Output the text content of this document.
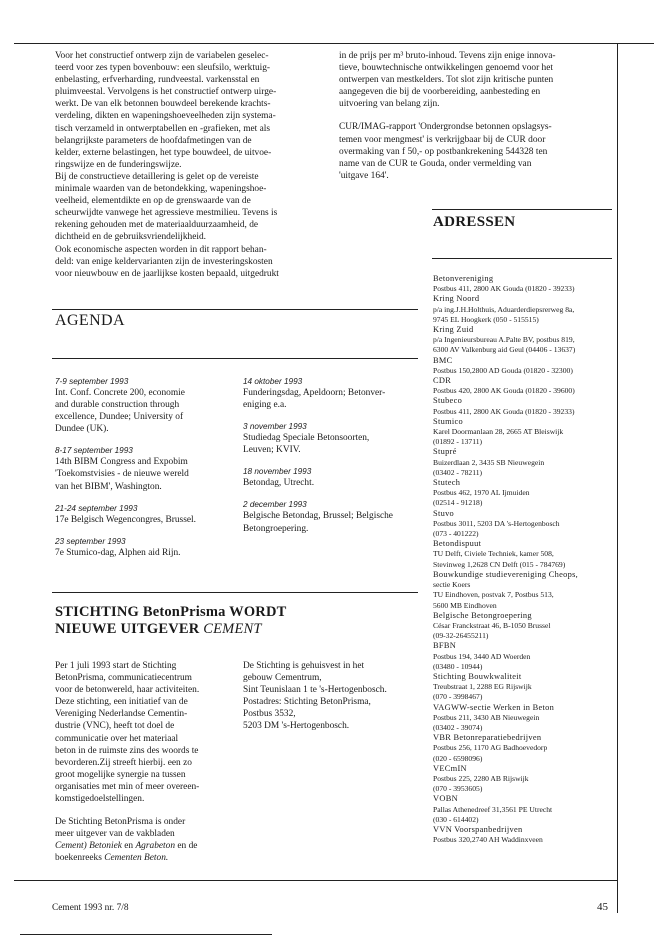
Voor het constructief ontwerp zijn de variabelen geselec-
teerd voor zes typen bovenbouw: een sleufsilo, werktuig-
enbelasting, erfverharding, rundveestal. varkensstal en
pluimveestal. Vervolgens is het constructief ontwerp uirge-
werkt. De van elk betonnen bouwdeel berekende krachts-
verdeling, dikten en wapeningshoeveelheden zijn systema-
tisch verzameld in ontwerptabellen en -grafieken, met als
belangrijkste parameters de hoofdafmetingen van de
kelder, externe belastingen, het type bouwdeel, de uitvoe-
ringswijze en de funderingswijze.
Bij de constructieve detaillering is gelet op de vereiste
minimale waarden van de betondekking, wapeningshoe-
veelheid, elementdikte en op de grenswaarde van de
scheurwijdte vanwege het agressieve mestmilieu. Tevens is
rekening gehouden met de materiaalduurzaamheid, de
dichtheid en de gebruiksvriendelijkheid.
Ook economische aspecten worden in dit rapport behan-
deld: van enige keldervarianten zijn de investeringskosten
voor nieuwbouw en de jaarlijkse kosten bepaald, uitgedrukt
in de prijs per m³ bruto-inhoud. Tevens zijn enige innova-
tieve, bouwtechnische ontwikkelingen genoemd voor het
ontwerpen van mestkelders. Tot slot zijn kritische punten
aangegeven die bij de voorbereiding, aanbesteding en
uitvoering van belang zijn.
CUR/IMAG-rapport 'Ondergrondse betonnen opslagsys-
temen voor mengmest' is verkrijgbaar bij de CUR door
overmaking van f 50,- op postbankrekening 544328 ten
name van de CUR te Gouda, onder vermelding van
'uitgave 164'.
ADRESSEN
Betonvereniging
Postbus 411, 2800 AK Gouda (01820 - 39233)
Kring Noord
p/a ing.J.H.Holthuis, Aduarderdiepsrerweg 8a,
9745 EL Hoogkerk (050 - 515515)
Kring Zuid
p/a Ingenieursbureau A.Palte BV, postbus 819,
6300 AV Valkenburg aid Geul (04406 - 13637)
BMC
Postbus 150,2800 AD Gouda (01820 - 32300)
CDR
Postbus 420, 2800 AK Gouda (01820 - 39600)
Stubeco
Postbus 411, 2800 AK Gouda (01820 - 39233)
Stumico
Karel Doormanlaan 28, 2665 AT Bleiswijk
(01892 - 13711)
Stupré
Buizerdlaan 2, 3435 SB Nieuwegein
(03402 - 78211)
Stutech
Postbus 462, 1970 AL Ijmuiden
(02514 - 91218)
Stuvo
Postbus 3011, 5203 DA 's-Hertogenbosch
(073 - 401222)
Betondispuut
TU Delft, Civiele Techniek, kamer 508,
Stevinweg 1,2628 CN Delft (015 - 784769)
Bouwkundige studievereniging Cheops,
sectie Koers
TU Eindhoven, postvak 7, Postbus 513,
5600 MB Eindhoven
Belgische Betongroepering
César Franckstraat 46, B-1050 Brussel
(09-32-26455211)
BFBN
Postbus 194, 3440 AD Woerden
(03480 - 10944)
Stichting Bouwkwaliteit
Treubstraat 1, 2288 EG Rijswijk
(070 - 3998467)
VAGWW-sectie Werken in Beton
Postbus 211, 3430 AB Nieuwegein
(03402 - 39074)
VBR Betonreparatiebedrijven
Postbus 256, 1170 AG Badhoevedorp
(020 - 6598096)
VECmIN
Postbus 225, 2280 AB Rijswijk
(070 - 3953605)
VOBN
Pallas Athenedreef 31,3561 PE Utrecht
(030 - 614402)
VVN Voorspanbedrijven
Postbus 320,2740 AH Waddinxveen
AGENDA
7-9 september 1993
Int. Conf. Concrete 200, economie
and durable construction through
excellence, Dundee; University of
Dundee (UK).
8-17 september 1993
14th BIBM Congress and Expobim
'Toekomstvisies - de nieuwe wereld
van het BIBM', Washington.
21-24 september 1993
17e Belgisch Wegencongres, Brussel.
23 september 1993
7e Stumico-dag, Alphen aid Rijn.
14 oktober 1993
Funderingsdag, Apeldoorn; Betonver-
eniging e.a.
3 november 1993
Studiedag Speciale Betonsoorten,
Leuven; KVIV.
18 november 1993
Betondag, Utrecht.
2 december 1993
Belgische Betondag, Brussel; Belgische
Betongroepering.
STICHTING BetonPrisma WORDT
NIEUWE UITGEVER CEMENT
Per 1 juli 1993 start de Stichting
BetonPrisma, communicatiecentrum
voor de betonwereld, haar activiteiten.
Deze stichting, een initiatief van de
Vereniging Nederlandse Cementin-
dustrie (VNC), heeft tot doel de
communicatie over het materiaal
beton in de ruimste zins des woords te
bevorderen.Zij streeft hierbij. een zo
groot mogelijke synergie na tussen
organisaties met min of meer overeen-
komstigedoelstellingen.
De Stichting BetonPrisma is onder
meer uitgever van de vakbladen
Cement) Betoniek en Agrabeton en de
boekenreeks Cementen Beton.
De Stichting is gehuisvest in het
gebouw Cementrum,
Sint Teunislaan 1 te 's-Hertogenbosch.
Postadres: Stichting BetonPrisma,
Postbus 3532,
5203 DM 's-Hertogenbosch.
Cement 1993 nr. 7/8	45
